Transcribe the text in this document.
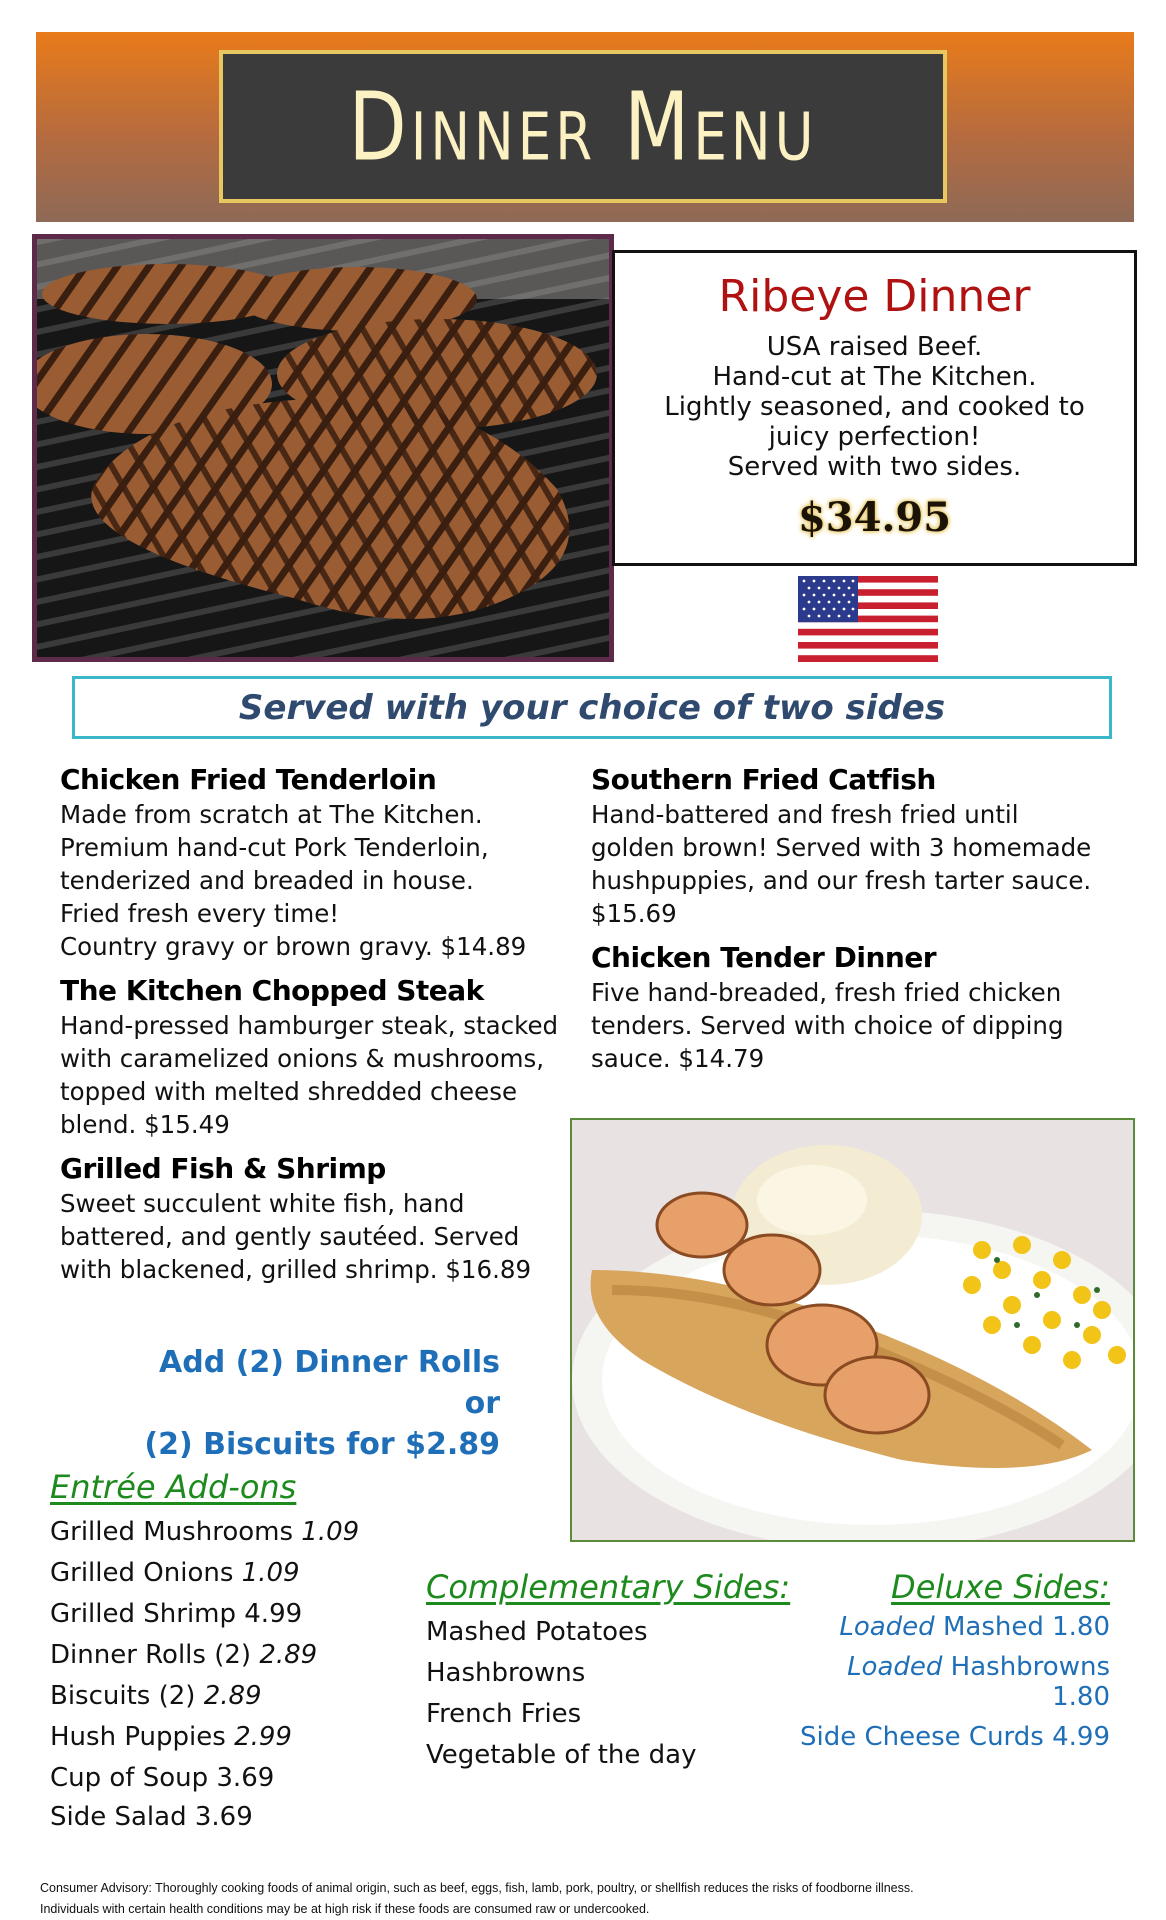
Dinner Menu
Ribeye Dinner
USA raised Beef.
Hand-cut at The Kitchen.
Lightly seasoned, and cooked to
juicy perfection!
Served with two sides.
$34.95
Served with your choice of two sides
Chicken Fried Tenderloin
Made from scratch at The Kitchen.
Premium hand-cut Pork Tenderloin,
tenderized and breaded in house.
Fried fresh every time!
Country gravy or brown gravy. $14.89
The Kitchen Chopped Steak
Hand-pressed hamburger steak, stacked
with caramelized onions & mushrooms,
topped with melted shredded cheese
blend. $15.49
Grilled Fish & Shrimp
Sweet succulent white fish, hand
battered, and gently sautéed. Served
with blackened, grilled shrimp. $16.89
Southern Fried Catfish
Hand-battered and fresh fried until
golden brown! Served with 3 homemade
hushpuppies, and our fresh tarter sauce.
$15.69
Chicken Tender Dinner
Five hand-breaded, fresh fried chicken
tenders. Served with choice of dipping
sauce. $14.79
Add (2) Dinner Rolls or
(2) Biscuits for $2.89
Entrée Add-ons
Grilled Mushrooms 1.09
Grilled Onions 1.09
Grilled Shrimp 4.99
Dinner Rolls (2) 2.89
Biscuits (2) 2.89
Hush Puppies 2.99
Cup of Soup 3.69
Side Salad 3.69
Complementary Sides:
Mashed Potatoes
Hashbrowns
French Fries
Vegetable of the day
Deluxe Sides:
Loaded Mashed 1.80
Loaded Hashbrowns 1.80
Side Cheese Curds 4.99
Consumer Advisory: Thoroughly cooking foods of animal origin, such as beef, eggs, fish, lamb, pork, poultry, or shellfish reduces the risks of foodborne illness.
Individuals with certain health conditions may be at high risk if these foods are consumed raw or undercooked.
